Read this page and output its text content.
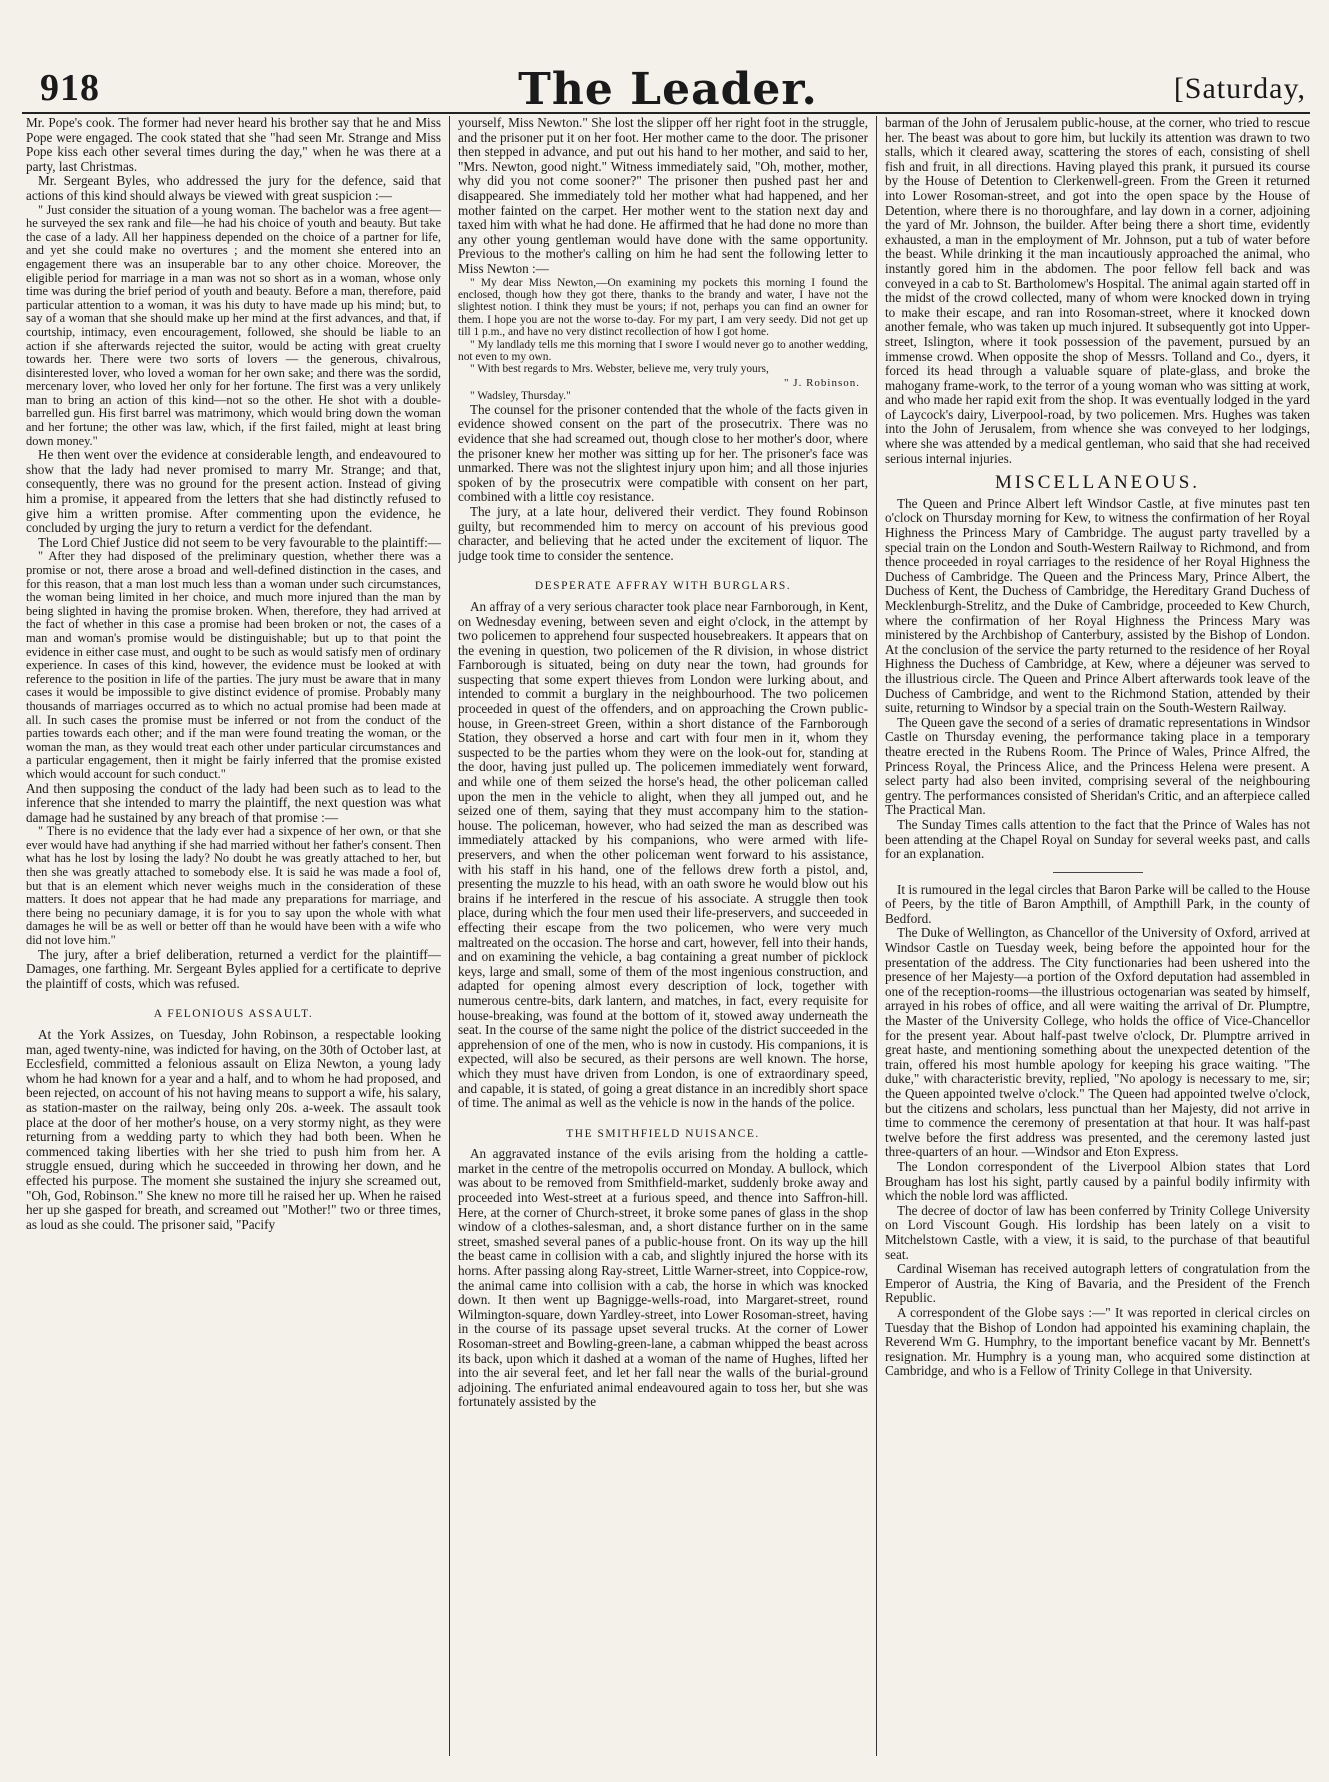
918	The Leader.	[Saturday,

Mr. Pope's cook. The former had never heard his brother say that he and Miss Pope were engaged. The cook stated that she "had seen Mr. Strange and Miss Pope kiss each other several times during the day," when he was there at a party, last Christmas.

Mr. Sergeant Byles, who addressed the jury for the defence, said that actions of this kind should always be viewed with great suspicion :—

" Just consider the situation of a young woman. The bachelor was a free agent—he surveyed the sex rank and file—he had his choice of youth and beauty. But take the case of a lady. All her happiness depended on the choice of a partner for life, and yet she could make no overtures ; and the moment she entered into an engagement there was an insuperable bar to any other choice. Moreover, the eligible period for marriage in a man was not so short as in a woman, whose only time was during the brief period of youth and beauty. Before a man, therefore, paid particular attention to a woman, it was his duty to have made up his mind; but, to say of a woman that she should make up her mind at the first advances, and that, if courtship, intimacy, even encouragement, followed, she should be liable to an action if she afterwards rejected the suitor, would be acting with great cruelty towards her. There were two sorts of lovers — the generous, chivalrous, disinterested lover, who loved a woman for her own sake; and there was the sordid, mercenary lover, who loved her only for her fortune. The first was a very unlikely man to bring an action of this kind—not so the other. He shot with a double-barrelled gun. His first barrel was matrimony, which would bring down the woman and her fortune; the other was law, which, if the first failed, might at least bring down money."

He then went over the evidence at considerable length, and endeavoured to show that the lady had never promised to marry Mr. Strange; and that, consequently, there was no ground for the present action. Instead of giving him a promise, it appeared from the letters that she had distinctly refused to give him a written promise. After commenting upon the evidence, he concluded by urging the jury to return a verdict for the defendant.

The Lord Chief Justice did not seem to be very favourable to the plaintiff:—

" After they had disposed of the preliminary question, whether there was a promise or not, there arose a broad and well-defined distinction in the cases, and for this reason, that a man lost much less than a woman under such circumstances, the woman being limited in her choice, and much more injured than the man by being slighted in having the promise broken. When, therefore, they had arrived at the fact of whether in this case a promise had been broken or not, the cases of a man and woman's promise would be distinguishable; but up to that point the evidence in either case must, and ought to be such as would satisfy men of ordinary experience. In cases of this kind, however, the evidence must be looked at with reference to the position in life of the parties. The jury must be aware that in many cases it would be impossible to give distinct evidence of promise. Probably many thousands of marriages occurred as to which no actual promise had been made at all. In such cases the promise must be inferred or not from the conduct of the parties towards each other; and if the man were found treating the woman, or the woman the man, as they would treat each other under particular circumstances and a particular engagement, then it might be fairly inferred that the promise existed which would account for such conduct."

And then supposing the conduct of the lady had been such as to lead to the inference that she intended to marry the plaintiff, the next question was what damage had he sustained by any breach of that promise :—

" There is no evidence that the lady ever had a sixpence of her own, or that she ever would have had anything if she had married without her father's consent. Then what has he lost by losing the lady? No doubt he was greatly attached to her, but then she was greatly attached to somebody else. It is said he was made a fool of, but that is an element which never weighs much in the consideration of these matters. It does not appear that he had made any preparations for marriage, and there being no pecuniary damage, it is for you to say upon the whole with what damages he will be as well or better off than he would have been with a wife who did not love him."

The jury, after a brief deliberation, returned a verdict for the plaintiff—Damages, one farthing. Mr. Sergeant Byles applied for a certificate to deprive the plaintiff of costs, which was refused.

A FELONIOUS ASSAULT.

At the York Assizes, on Tuesday, John Robinson, a respectable looking man, aged twenty-nine, was indicted for having, on the 30th of October last, at Ecclesfield, committed a felonious assault on Eliza Newton, a young lady whom he had known for a year and a half, and to whom he had proposed, and been rejected, on account of his not having means to support a wife, his salary, as station-master on the railway, being only 20s. a-week. The assault took place at the door of her mother's house, on a very stormy night, as they were returning from a wedding party to which they had both been. When he commenced taking liberties with her she tried to push him from her. A struggle ensued, during which he succeeded in throwing her down, and he effected his purpose. The moment she sustained the injury she screamed out, "Oh, God, Robinson." She knew no more till he raised her up. When he raised her up she gasped for breath, and screamed out "Mother!" two or three times, as loud as she could. The prisoner said, "Pacify

yourself, Miss Newton." She lost the slipper off her right foot in the struggle, and the prisoner put it on her foot. Her mother came to the door. The prisoner then stepped in advance, and put out his hand to her mother, and said to her, "Mrs. Newton, good night." Witness immediately said, "Oh, mother, mother, why did you not come sooner?" The prisoner then pushed past her and disappeared. She immediately told her mother what had happened, and her mother fainted on the carpet. Her mother went to the station next day and taxed him with what he had done. He affirmed that he had done no more than any other young gentleman would have done with the same opportunity. Previous to the mother's calling on him he had sent the following letter to Miss Newton :—

" My dear Miss Newton,—On examining my pockets this morning I found the enclosed, though how they got there, thanks to the brandy and water, I have not the slightest notion. I think they must be yours; if not, perhaps you can find an owner for them. I hope you are not the worse to-day. For my part, I am very seedy. Did not get up till 1 p.m., and have no very distinct recollection of how I got home.

" My landlady tells me this morning that I swore I would never go to another wedding, not even to my own.

" With best regards to Mrs. Webster, believe me, very truly yours,

" J. Robinson.

" Wadsley, Thursday."

The counsel for the prisoner contended that the whole of the facts given in evidence showed consent on the part of the prosecutrix. There was no evidence that she had screamed out, though close to her mother's door, where the prisoner knew her mother was sitting up for her. The prisoner's face was unmarked. There was not the slightest injury upon him; and all those injuries spoken of by the prosecutrix were compatible with consent on her part, combined with a little coy resistance.

The jury, at a late hour, delivered their verdict. They found Robinson guilty, but recommended him to mercy on account of his previous good character, and believing that he acted under the excitement of liquor. The judge took time to consider the sentence.

DESPERATE AFFRAY WITH BURGLARS.

An affray of a very serious character took place near Farnborough, in Kent, on Wednesday evening, between seven and eight o'clock, in the attempt by two policemen to apprehend four suspected housebreakers. It appears that on the evening in question, two policemen of the R division, in whose district Farnborough is situated, being on duty near the town, had grounds for suspecting that some expert thieves from London were lurking about, and intended to commit a burglary in the neighbourhood. The two policemen proceeded in quest of the offenders, and on approaching the Crown public-house, in Green-street Green, within a short distance of the Farnborough Station, they observed a horse and cart with four men in it, whom they suspected to be the parties whom they were on the look-out for, standing at the door, having just pulled up. The policemen immediately went forward, and while one of them seized the horse's head, the other policeman called upon the men in the vehicle to alight, when they all jumped out, and he seized one of them, saying that they must accompany him to the station-house. The policeman, however, who had seized the man as described was immediately attacked by his companions, who were armed with life-preservers, and when the other policeman went forward to his assistance, with his staff in his hand, one of the fellows drew forth a pistol, and, presenting the muzzle to his head, with an oath swore he would blow out his brains if he interfered in the rescue of his associate. A struggle then took place, during which the four men used their life-preservers, and succeeded in effecting their escape from the two policemen, who were very much maltreated on the occasion. The horse and cart, however, fell into their hands, and on examining the vehicle, a bag containing a great number of picklock keys, large and small, some of them of the most ingenious construction, and adapted for opening almost every description of lock, together with numerous centre-bits, dark lantern, and matches, in fact, every requisite for house-breaking, was found at the bottom of it, stowed away underneath the seat. In the course of the same night the police of the district succeeded in the apprehension of one of the men, who is now in custody. His companions, it is expected, will also be secured, as their persons are well known. The horse, which they must have driven from London, is one of extraordinary speed, and capable, it is stated, of going a great distance in an incredibly short space of time. The animal as well as the vehicle is now in the hands of the police.

THE SMITHFIELD NUISANCE.

An aggravated instance of the evils arising from the holding a cattle-market in the centre of the metropolis occurred on Monday. A bullock, which was about to be removed from Smithfield-market, suddenly broke away and proceeded into West-street at a furious speed, and thence into Saffron-hill. Here, at the corner of Church-street, it broke some panes of glass in the shop window of a clothes-salesman, and, a short distance further on in the same street, smashed several panes of a public-house front. On its way up the hill the beast came in collision with a cab, and slightly injured the horse with its horns. After passing along Ray-street, Little Warner-street, into Coppice-row, the animal came into collision with a cab, the horse in which was knocked down. It then went up Bagnigge-wells-road, into Margaret-street, round Wilmington-square, down Yardley-street, into Lower Rosoman-street, having in the course of its passage upset several trucks. At the corner of Lower Rosoman-street and Bowling-green-lane, a cabman whipped the beast across its back, upon which it dashed at a woman of the name of Hughes, lifted her into the air several feet, and let her fall near the walls of the burial-ground adjoining. The enfuriated animal endeavoured again to toss her, but she was fortunately assisted by the

barman of the John of Jerusalem public-house, at the corner, who tried to rescue her. The beast was about to gore him, but luckily its attention was drawn to two stalls, which it cleared away, scattering the stores of each, consisting of shell fish and fruit, in all directions. Having played this prank, it pursued its course by the House of Detention to Clerkenwell-green. From the Green it returned into Lower Rosoman-street, and got into the open space by the House of Detention, where there is no thoroughfare, and lay down in a corner, adjoining the yard of Mr. Johnson, the builder. After being there a short time, evidently exhausted, a man in the employment of Mr. Johnson, put a tub of water before the beast. While drinking it the man incautiously approached the animal, who instantly gored him in the abdomen. The poor fellow fell back and was conveyed in a cab to St. Bartholomew's Hospital. The animal again started off in the midst of the crowd collected, many of whom were knocked down in trying to make their escape, and ran into Rosoman-street, where it knocked down another female, who was taken up much injured. It subsequently got into Upper-street, Islington, where it took possession of the pavement, pursued by an immense crowd. When opposite the shop of Messrs. Tolland and Co., dyers, it forced its head through a valuable square of plate-glass, and broke the mahogany frame-work, to the terror of a young woman who was sitting at work, and who made her rapid exit from the shop. It was eventually lodged in the yard of Laycock's dairy, Liverpool-road, by two policemen. Mrs. Hughes was taken into the John of Jerusalem, from whence she was conveyed to her lodgings, where she was attended by a medical gentleman, who said that she had received serious internal injuries.

MISCELLANEOUS.

The Queen and Prince Albert left Windsor Castle, at five minutes past ten o'clock on Thursday morning for Kew, to witness the confirmation of her Royal Highness the Princess Mary of Cambridge. The august party travelled by a special train on the London and South-Western Railway to Richmond, and from thence proceeded in royal carriages to the residence of her Royal Highness the Duchess of Cambridge. The Queen and the Princess Mary, Prince Albert, the Duchess of Kent, the Duchess of Cambridge, the Hereditary Grand Duchess of Mecklenburgh-Strelitz, and the Duke of Cambridge, proceeded to Kew Church, where the confirmation of her Royal Highness the Princess Mary was ministered by the Archbishop of Canterbury, assisted by the Bishop of London. At the conclusion of the service the party returned to the residence of her Royal Highness the Duchess of Cambridge, at Kew, where a déjeuner was served to the illustrious circle. The Queen and Prince Albert afterwards took leave of the Duchess of Cambridge, and went to the Richmond Station, attended by their suite, returning to Windsor by a special train on the South-Western Railway.

The Queen gave the second of a series of dramatic representations in Windsor Castle on Thursday evening, the performance taking place in a temporary theatre erected in the Rubens Room. The Prince of Wales, Prince Alfred, the Princess Royal, the Princess Alice, and the Princess Helena were present. A select party had also been invited, comprising several of the neighbouring gentry. The performances consisted of Sheridan's Critic, and an afterpiece called The Practical Man.

The Sunday Times calls attention to the fact that the Prince of Wales has not been attending at the Chapel Royal on Sunday for several weeks past, and calls for an explanation.

It is rumoured in the legal circles that Baron Parke will be called to the House of Peers, by the title of Baron Ampthill, of Ampthill Park, in the county of Bedford.

The Duke of Wellington, as Chancellor of the University of Oxford, arrived at Windsor Castle on Tuesday week, being before the appointed hour for the presentation of the address. The City functionaries had been ushered into the presence of her Majesty—a portion of the Oxford deputation had assembled in one of the reception-rooms—the illustrious octogenarian was seated by himself, arrayed in his robes of office, and all were waiting the arrival of Dr. Plumptre, the Master of the University College, who holds the office of Vice-Chancellor for the present year. About half-past twelve o'clock, Dr. Plumptre arrived in great haste, and mentioning something about the unexpected detention of the train, offered his most humble apology for keeping his grace waiting. "The duke," with characteristic brevity, replied, "No apology is necessary to me, sir; the Queen appointed twelve o'clock." The Queen had appointed twelve o'clock, but the citizens and scholars, less punctual than her Majesty, did not arrive in time to commence the ceremony of presentation at that hour. It was half-past twelve before the first address was presented, and the ceremony lasted just three-quarters of an hour. —Windsor and Eton Express.

The London correspondent of the Liverpool Albion states that Lord Brougham has lost his sight, partly caused by a painful bodily infirmity with which the noble lord was afflicted.

The decree of doctor of law has been conferred by Trinity College University on Lord Viscount Gough. His lordship has been lately on a visit to Mitchelstown Castle, with a view, it is said, to the purchase of that beautiful seat.

Cardinal Wiseman has received autograph letters of congratulation from the Emperor of Austria, the King of Bavaria, and the President of the French Republic.

A correspondent of the Globe says :—" It was reported in clerical circles on Tuesday that the Bishop of London had appointed his examining chaplain, the Reverend Wm G. Humphry, to the important benefice vacant by Mr. Bennett's resignation. Mr. Humphry is a young man, who acquired some distinction at Cambridge, and who is a Fellow of Trinity College in that University.
